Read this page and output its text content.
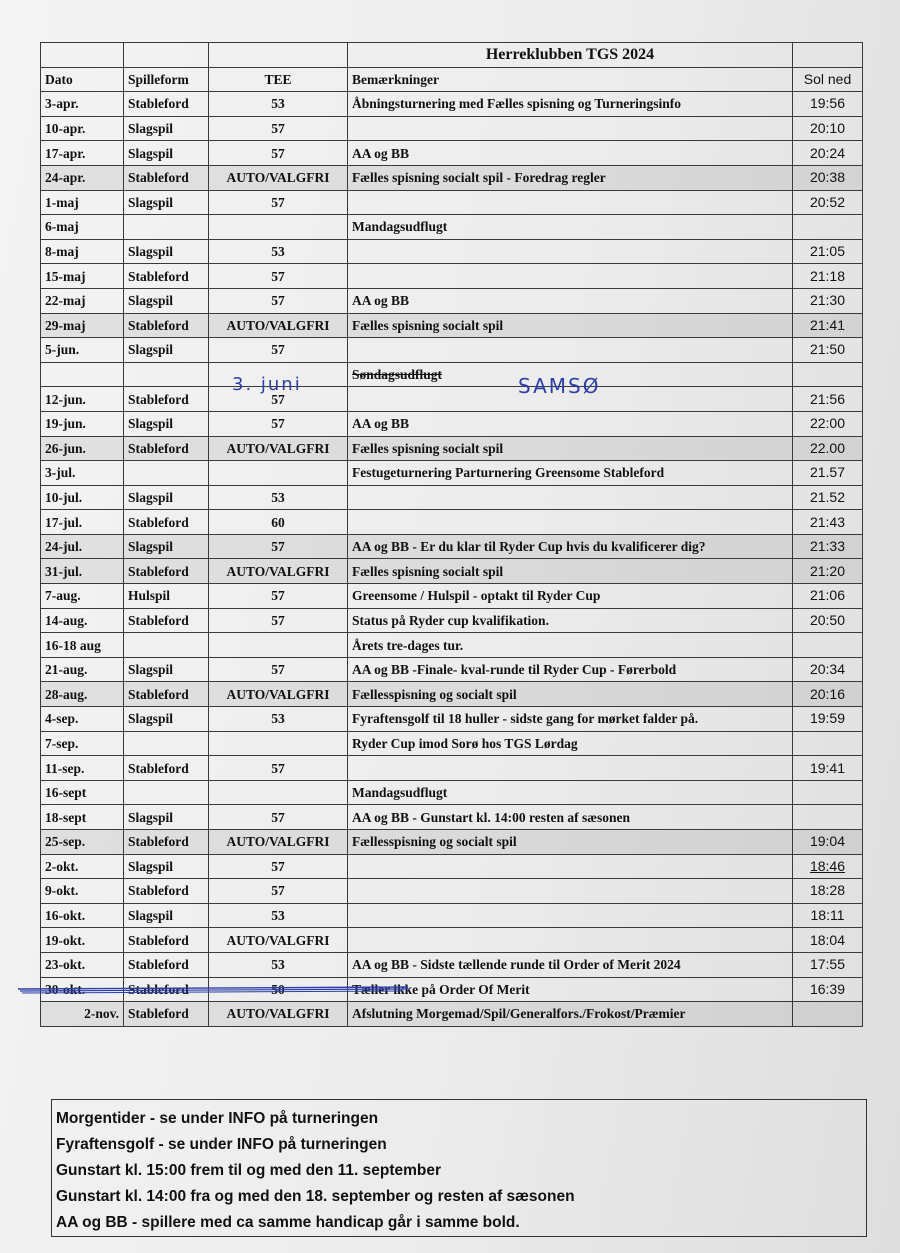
			Herreklubben TGS 2024	
Dato	Spilleform	TEE	Bemærkninger	Sol ned
3-apr.	Stableford	53	Åbningsturnering med Fælles spisning og Turneringsinfo	19:56
10-apr.	Slagspil	57		20:10
17-apr.	Slagspil	57	AA og BB	20:24
24-apr.	Stableford	AUTO/VALGFRI	Fælles spisning socialt spil - Foredrag regler	20:38
1-maj	Slagspil	57		20:52
6-maj			Mandagsudflugt	
8-maj	Slagspil	53		21:05
15-maj	Stableford	57		21:18
22-maj	Slagspil	57	AA og BB	21:30
29-maj	Stableford	AUTO/VALGFRI	Fælles spisning socialt spil	21:41
5-jun.	Slagspil	57		21:50
			Søndagsudflugt	
12-jun.	Stableford	57		21:56
19-jun.	Slagspil	57	AA og BB	22:00
26-jun.	Stableford	AUTO/VALGFRI	Fælles spisning socialt spil	22.00
3-jul.			Festugeturnering Parturnering Greensome Stableford	21.57
10-jul.	Slagspil	53		21.52
17-jul.	Stableford	60		21:43
24-jul.	Slagspil	57	AA og BB - Er du klar til Ryder Cup hvis du kvalificerer dig?	21:33
31-jul.	Stableford	AUTO/VALGFRI	Fælles spisning socialt spil	21:20
7-aug.	Hulspil	57	Greensome / Hulspil - optakt til Ryder Cup	21:06
14-aug.	Stableford	57	Status på Ryder cup kvalifikation.	20:50
16-18 aug			Årets tre-dages tur.	
21-aug.	Slagspil	57	AA og BB -Finale- kval-runde til Ryder Cup - Førerbold	20:34
28-aug.	Stableford	AUTO/VALGFRI	Fællesspisning og socialt spil	20:16
4-sep.	Slagspil	53	Fyraftensgolf til 18 huller - sidste gang for mørket falder på.	19:59
7-sep.			Ryder Cup imod Sorø hos TGS Lørdag	
11-sep.	Stableford	57		19:41
16-sept			Mandagsudflugt	
18-sept	Slagspil	57	AA og BB - Gunstart kl. 14:00 resten af sæsonen	
25-sep.	Stableford	AUTO/VALGFRI	Fællesspisning og socialt spil	19:04
2-okt.	Slagspil	57		18:46
9-okt.	Stableford	57		18:28
16-okt.	Slagspil	53		18:11
19-okt.	Stableford	AUTO/VALGFRI		18:04
23-okt.	Stableford	53	AA og BB - Sidste tællende runde til Order of Merit 2024	17:55
30-okt.	Stableford	50	Tæller ikke på Order Of Merit	16:39
2-nov.	Stableford	AUTO/VALGFRI	Afslutning Morgemad/Spil/Generalfors./Frokost/Præmier	
3. juni	SAMSØ
Morgentider - se under INFO på turneringen
Fyraftensgolf - se under INFO på turneringen
Gunstart kl. 15:00 frem til og med den 11. september
Gunstart kl. 14:00 fra og med den 18. september og resten af sæsonen
AA og BB - spillere med ca samme handicap går i samme bold.
